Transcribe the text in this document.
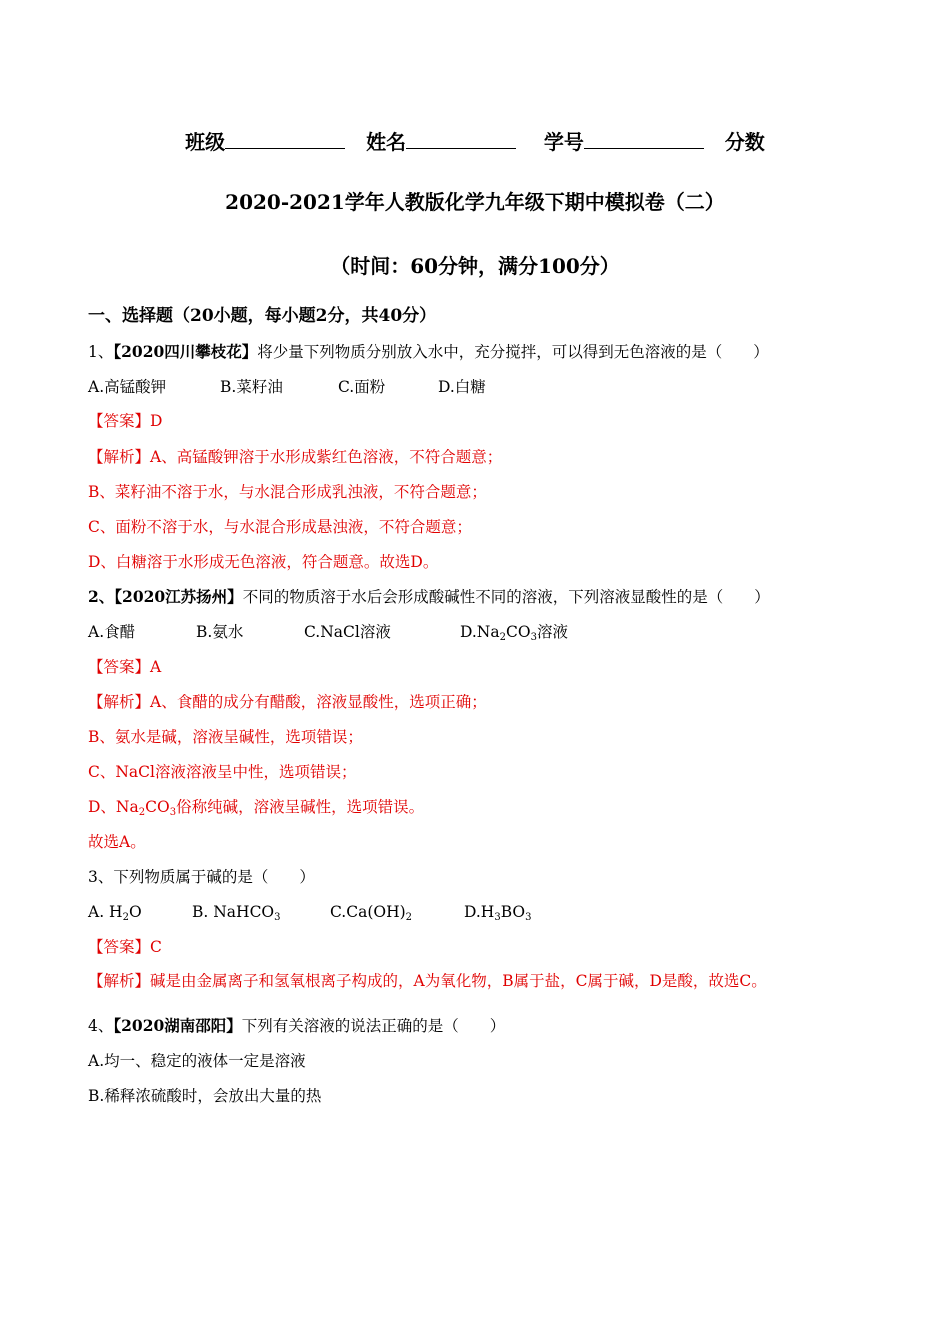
班级	姓名	学号	分数
2020-2021学年人教版化学九年级下期中模拟卷（二）
（时间：60分钟，满分100分）
一、选择题（20小题，每小题2分，共40分）
1、【2020四川攀枝花】将少量下列物质分别放入水中，充分搅拌，可以得到无色溶液的是（　　）
A.高锰酸钾	B.菜籽油	C.面粉	D.白糖
【答案】D
【解析】A、高锰酸钾溶于水形成紫红色溶液，不符合题意；
B、菜籽油不溶于水，与水混合形成乳浊液，不符合题意；
C、面粉不溶于水，与水混合形成悬浊液，不符合题意；
D、白糖溶于水形成无色溶液，符合题意。故选D。
2、【2020江苏扬州】不同的物质溶于水后会形成酸碱性不同的溶液，下列溶液显酸性的是（　　）
A.食醋	B.氨水	C.NaCl溶液	$D.Na_2CO_3$溶液
【答案】A
【解析】A、食醋的成分有醋酸，溶液显酸性，选项正确；
B、氨水是碱，溶液呈碱性，选项错误；
C、NaCl溶液溶液呈中性，选项错误；
D、$Na_2CO_3$俗称纯碱，溶液呈碱性，选项错误。
故选A。
3、下列物质属于碱的是（　　）
A. $H_2O$	B. NaHCO$_3$	$C.Ca(OH)_2$	$D.H_3BO_3$
【答案】C
【解析】碱是由金属离子和氢氧根离子构成的，A为氧化物，B属于盐，C属于碱，D是酸，故选C。
4、【2020湖南邵阳】下列有关溶液的说法正确的是（　　）
A.均一、稳定的液体一定是溶液
B.稀释浓硫酸时，会放出大量的热
